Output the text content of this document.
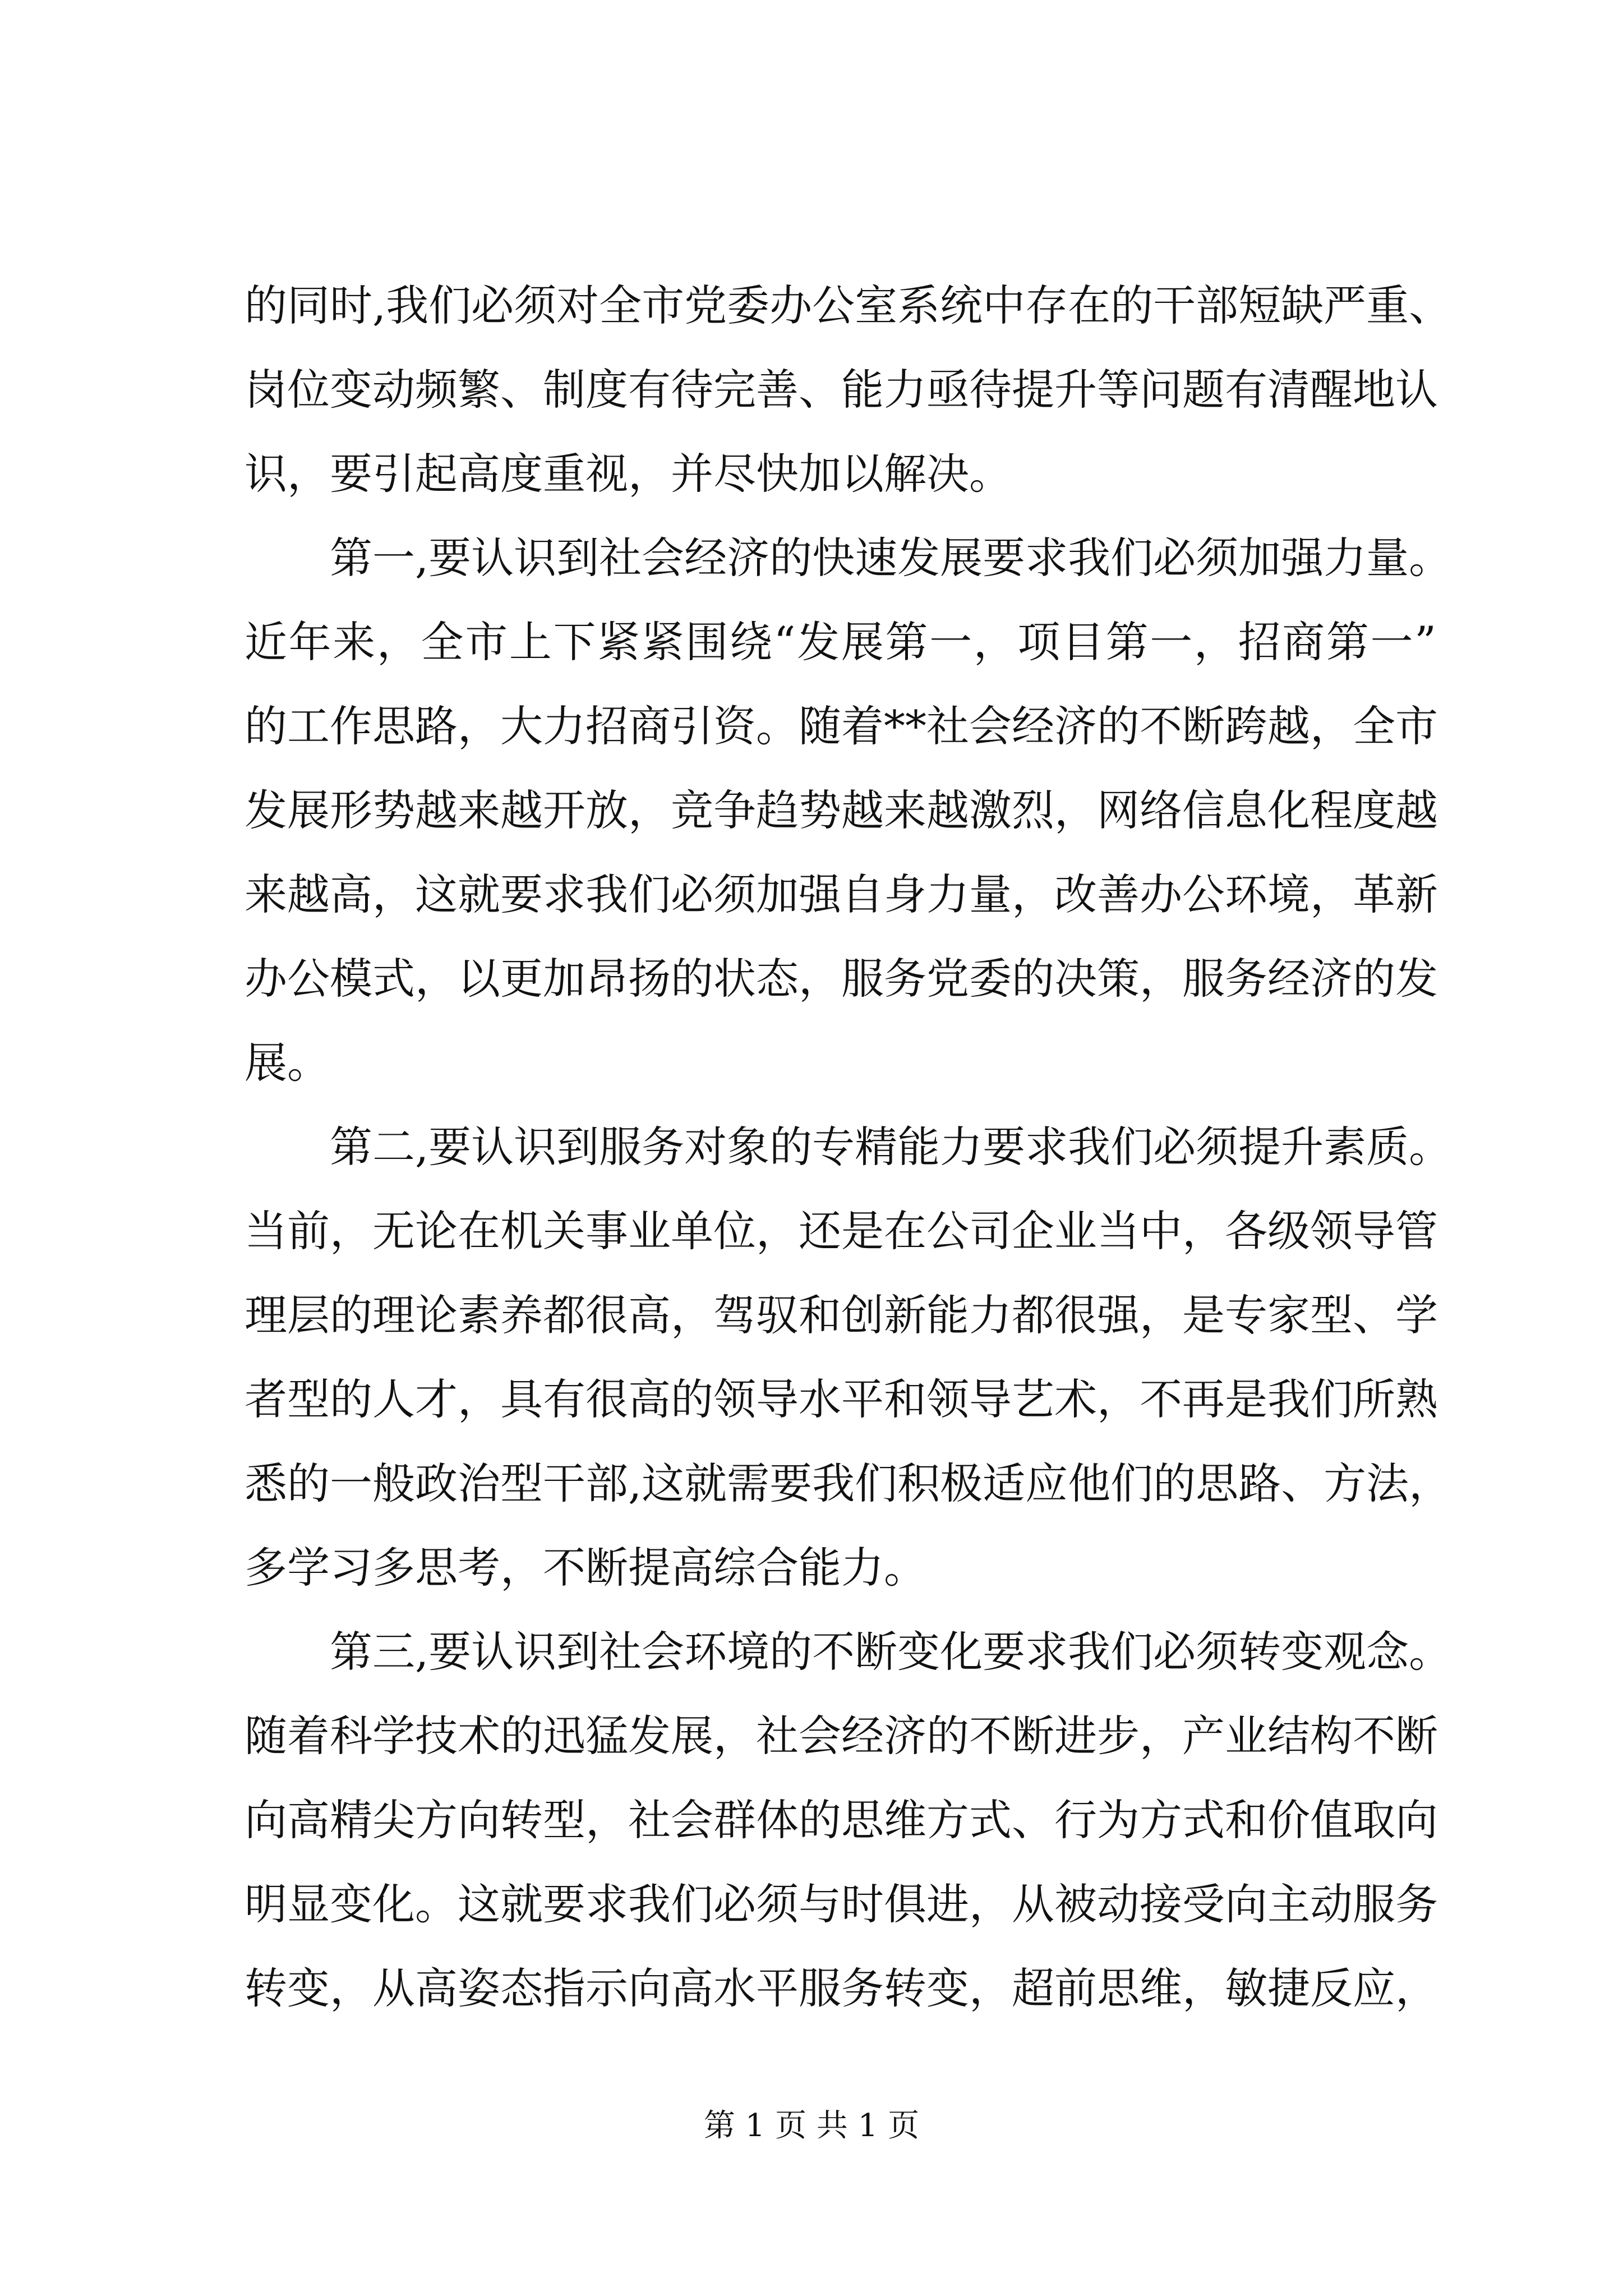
的同时,我们必须对全市党委办公室系统中存在的干部短缺严重、
岗位变动频繁、制度有待完善、能力亟待提升等问题有清醒地认
识，要引起高度重视，并尽快加以解决。
第一,要认识到社会经济的快速发展要求我们必须加强力量。
近年来，全市上下紧紧围绕“发展第一，项目第一，招商第一”
的工作思路，大力招商引资。随着**社会经济的不断跨越，全市
发展形势越来越开放，竞争趋势越来越激烈，网络信息化程度越
来越高，这就要求我们必须加强自身力量，改善办公环境，革新
办公模式，以更加昂扬的状态，服务党委的决策，服务经济的发
展。
第二,要认识到服务对象的专精能力要求我们必须提升素质。
当前，无论在机关事业单位，还是在公司企业当中，各级领导管
理层的理论素养都很高，驾驭和创新能力都很强，是专家型、学
者型的人才，具有很高的领导水平和领导艺术，不再是我们所熟
悉的一般政治型干部,这就需要我们积极适应他们的思路、方法，
多学习多思考，不断提高综合能力。
第三,要认识到社会环境的不断变化要求我们必须转变观念。
随着科学技术的迅猛发展，社会经济的不断进步，产业结构不断
向高精尖方向转型，社会群体的思维方式、行为方式和价值取向
明显变化。这就要求我们必须与时俱进，从被动接受向主动服务
转变，从高姿态指示向高水平服务转变，超前思维，敏捷反应，
第 1 页 共 1 页
